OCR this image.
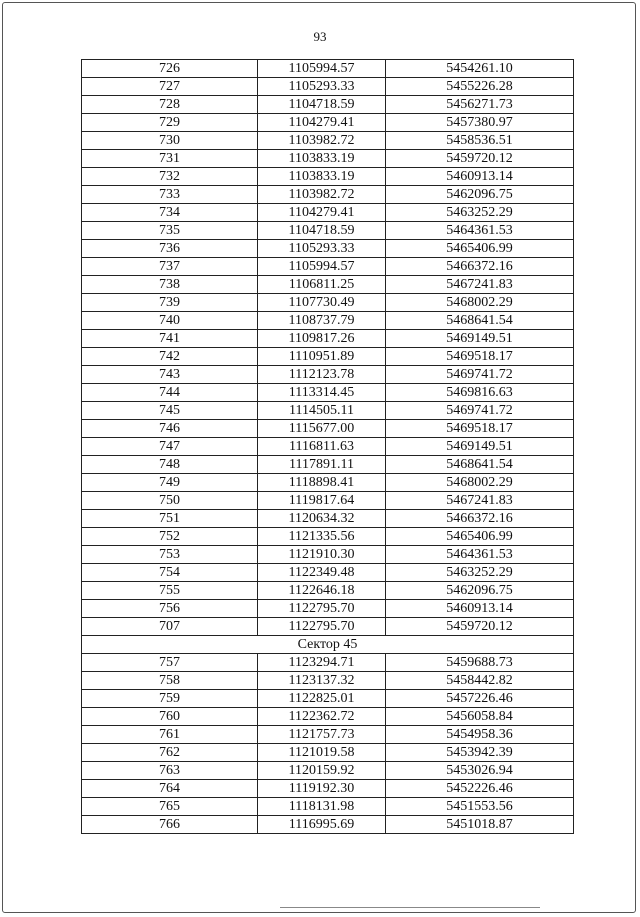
93
726	1105994.57	5454261.10
727	1105293.33	5455226.28
728	1104718.59	5456271.73
729	1104279.41	5457380.97
730	1103982.72	5458536.51
731	1103833.19	5459720.12
732	1103833.19	5460913.14
733	1103982.72	5462096.75
734	1104279.41	5463252.29
735	1104718.59	5464361.53
736	1105293.33	5465406.99
737	1105994.57	5466372.16
738	1106811.25	5467241.83
739	1107730.49	5468002.29
740	1108737.79	5468641.54
741	1109817.26	5469149.51
742	1110951.89	5469518.17
743	1112123.78	5469741.72
744	1113314.45	5469816.63
745	1114505.11	5469741.72
746	1115677.00	5469518.17
747	1116811.63	5469149.51
748	1117891.11	5468641.54
749	1118898.41	5468002.29
750	1119817.64	5467241.83
751	1120634.32	5466372.16
752	1121335.56	5465406.99
753	1121910.30	5464361.53
754	1122349.48	5463252.29
755	1122646.18	5462096.75
756	1122795.70	5460913.14
707	1122795.70	5459720.12
Сектор 45		
757	1123294.71	5459688.73
758	1123137.32	5458442.82
759	1122825.01	5457226.46
760	1122362.72	5456058.84
761	1121757.73	5454958.36
762	1121019.58	5453942.39
763	1120159.92	5453026.94
764	1119192.30	5452226.46
765	1118131.98	5451553.56
766	1116995.69	5451018.87
